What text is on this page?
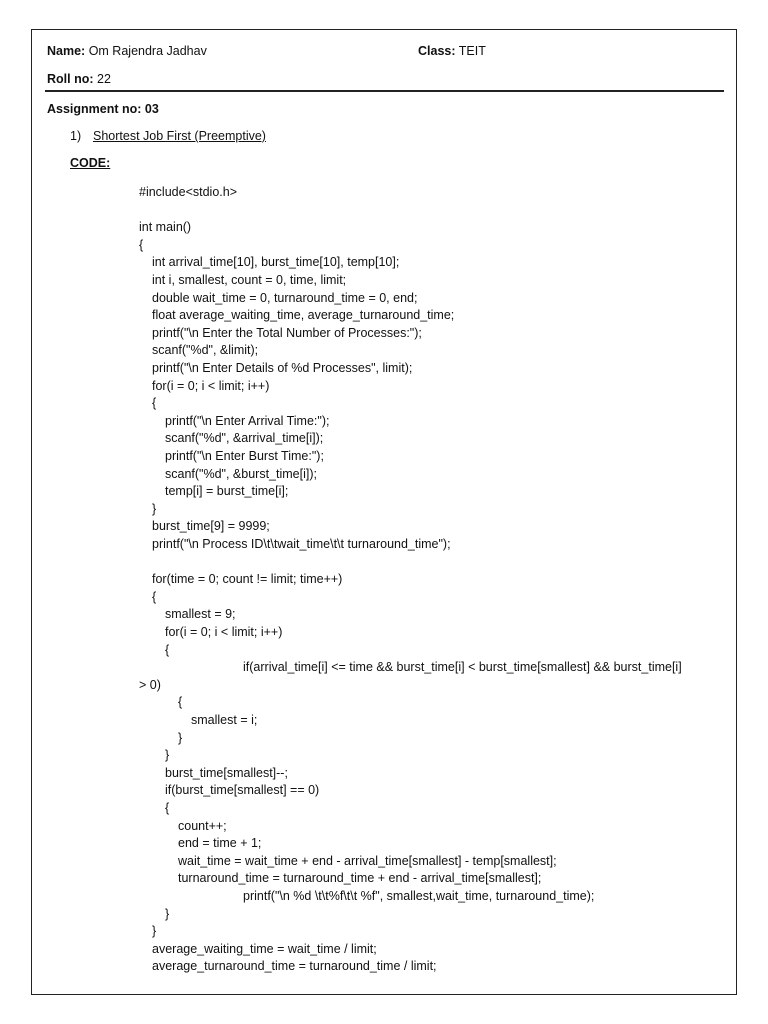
Name: Om Rajendra Jadhav	Class: TEIT
Roll no: 22
Assignment no: 03
1) Shortest Job First (Preemptive)
CODE:
#include<stdio.h>
int main()
{
int arrival_time[10], burst_time[10], temp[10];
int i, smallest, count = 0, time, limit;
double wait_time = 0, turnaround_time = 0, end;
float average_waiting_time, average_turnaround_time;
printf("\n Enter the Total Number of Processes:");
scanf("%d", &limit);
printf("\n Enter Details of %d Processes", limit);
for(i = 0; i < limit; i++)
{
printf("\n Enter Arrival Time:");
scanf("%d", &arrival_time[i]);
printf("\n Enter Burst Time:");
scanf("%d", &burst_time[i]);
temp[i] = burst_time[i];
}
burst_time[9] = 9999;
printf("\n Process ID\t\twait_time\t\t turnaround_time");
for(time = 0; count != limit; time++)
{
smallest = 9;
for(i = 0; i < limit; i++)
{
if(arrival_time[i] <= time && burst_time[i] < burst_time[smallest] && burst_time[i]
> 0)
{
smallest = i;
}
}
burst_time[smallest]--;
if(burst_time[smallest] == 0)
{
count++;
end = time + 1;
wait_time = wait_time + end - arrival_time[smallest] - temp[smallest];
turnaround_time = turnaround_time + end - arrival_time[smallest];
printf("\n %d \t\t%f\t\t %f", smallest,wait_time, turnaround_time);
}
}
average_waiting_time = wait_time / limit;
average_turnaround_time = turnaround_time / limit;
